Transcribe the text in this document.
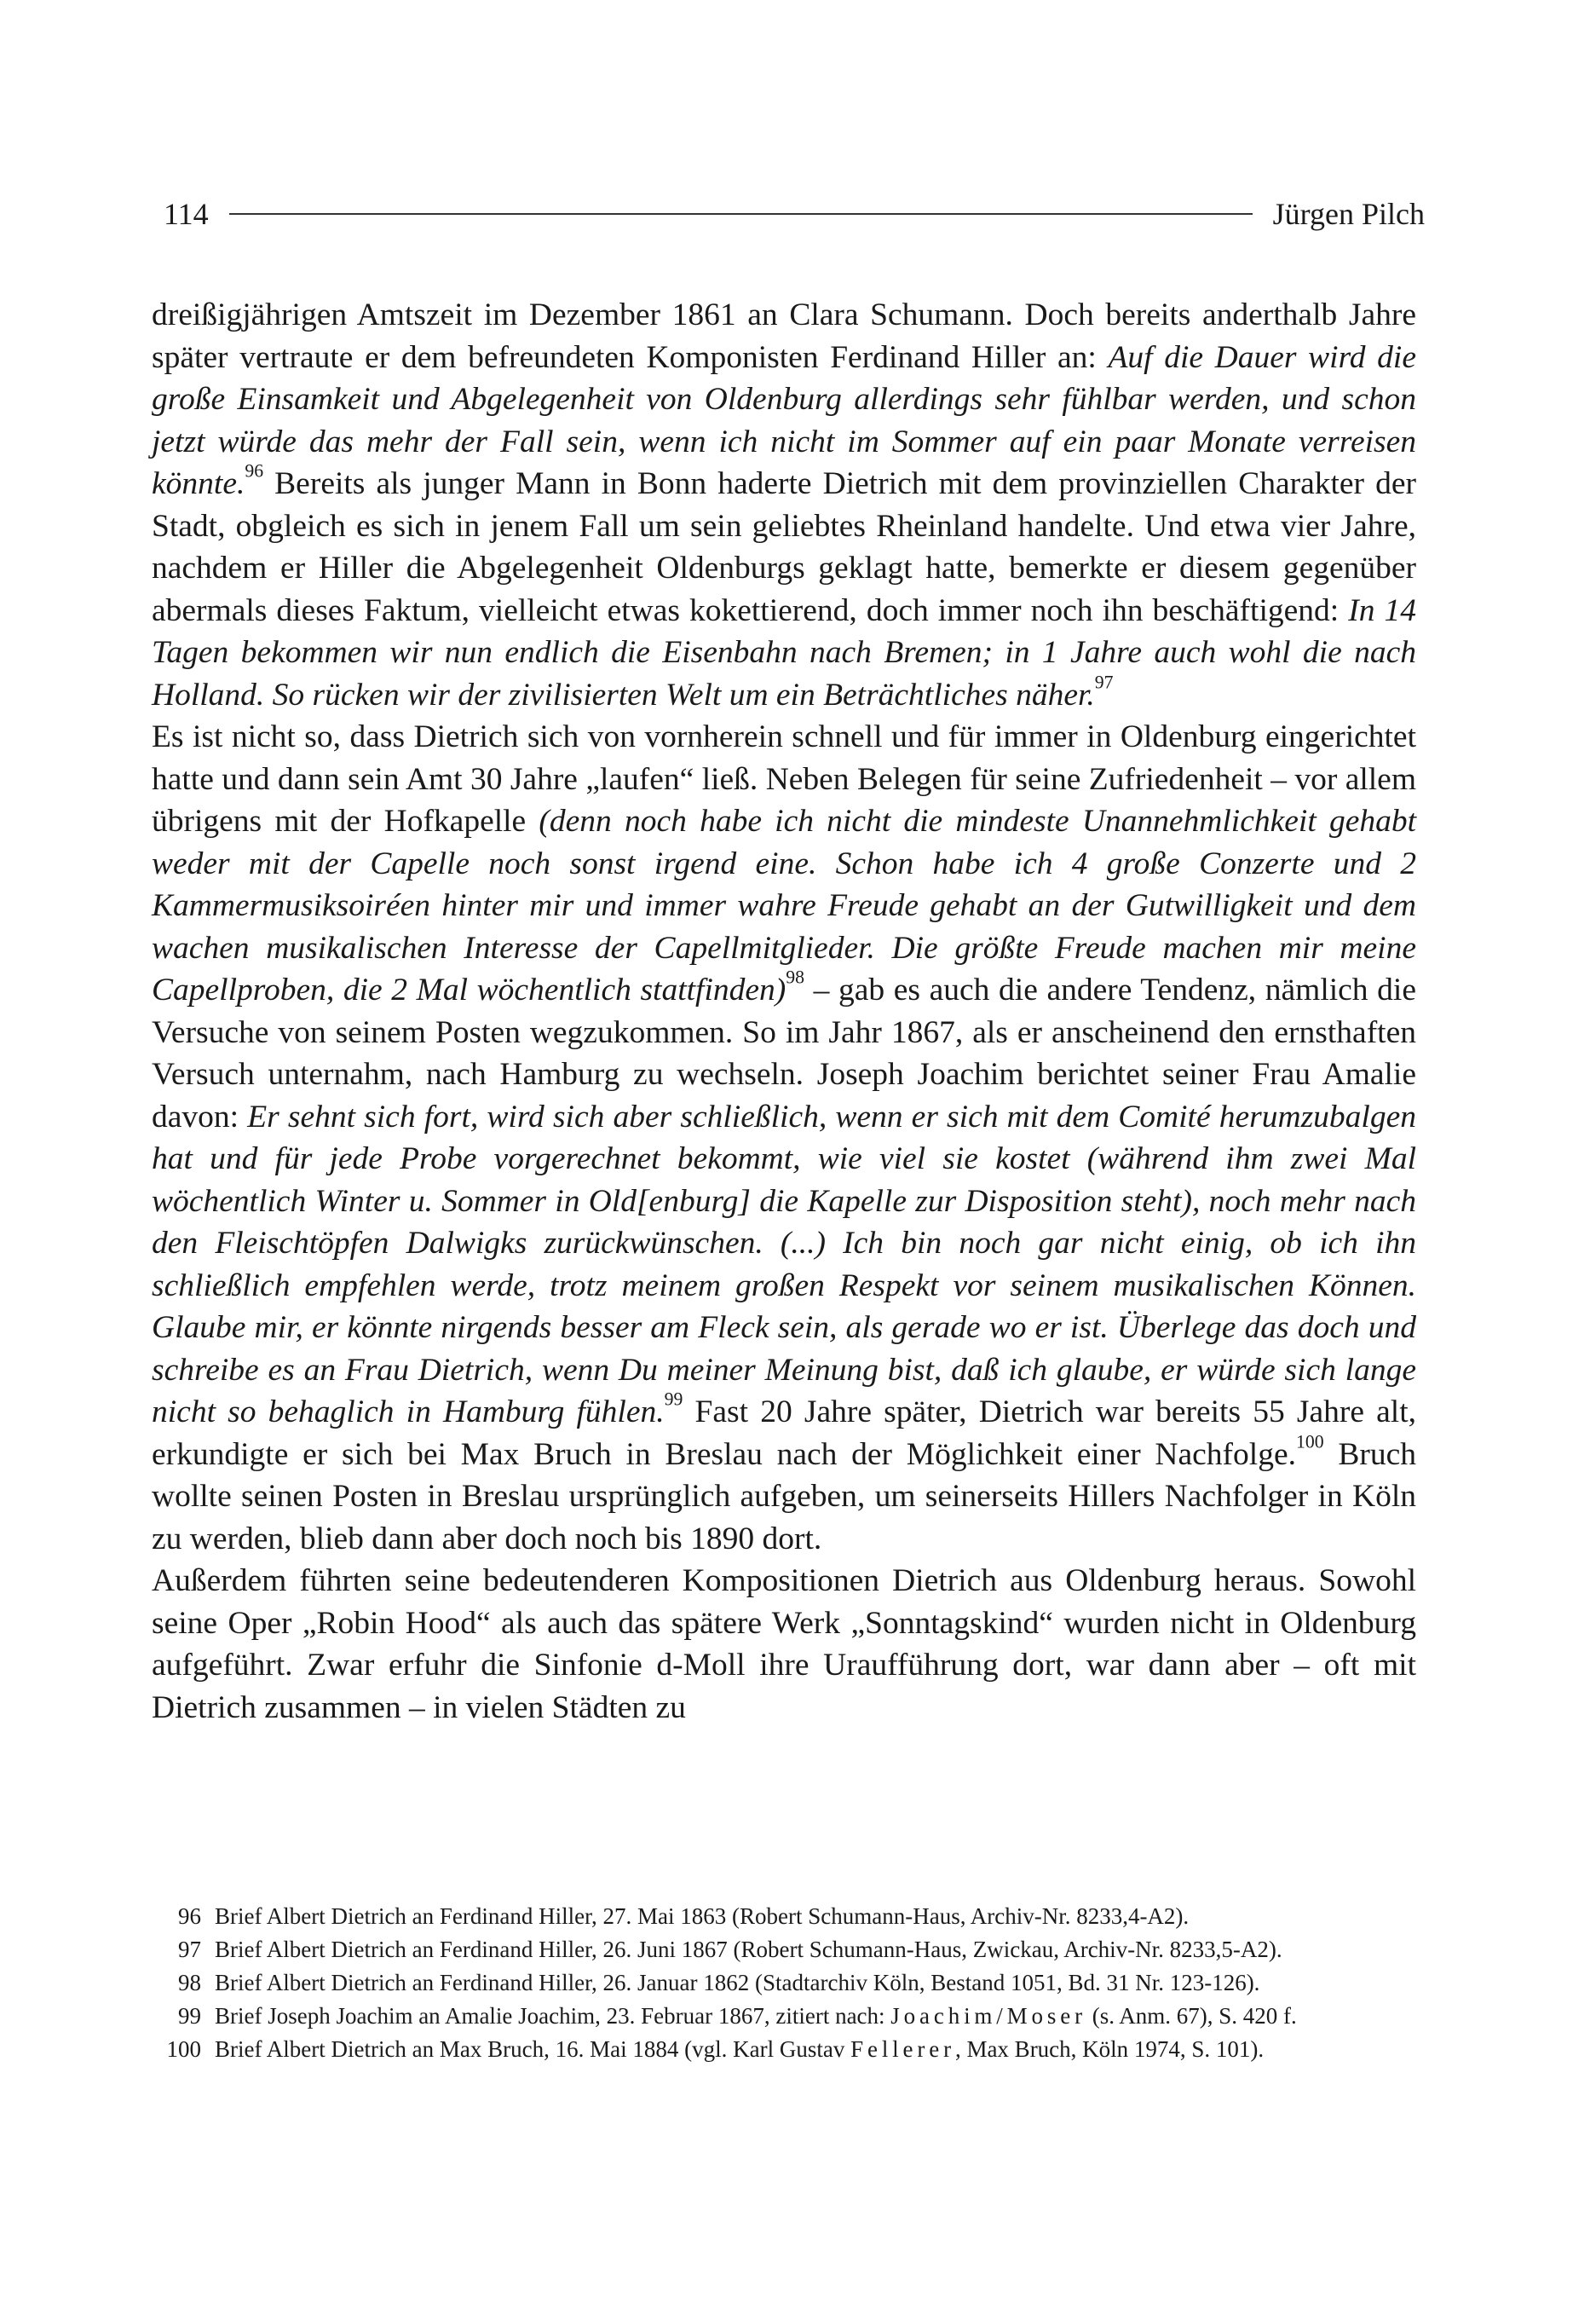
114	Jürgen Pilch

dreißigjährigen Amtszeit im Dezember 1861 an Clara Schumann. Doch bereits anderthalb Jahre später vertraute er dem befreundeten Komponisten Ferdinand Hiller an: Auf die Dauer wird die große Einsamkeit und Abgelegenheit von Oldenburg allerdings sehr fühlbar werden, und schon jetzt würde das mehr der Fall sein, wenn ich nicht im Sommer auf ein paar Monate verreisen könnte.$^{96}$ Bereits als junger Mann in Bonn haderte Dietrich mit dem provinziellen Charakter der Stadt, obgleich es sich in jenem Fall um sein geliebtes Rheinland handelte. Und etwa vier Jahre, nachdem er Hiller die Abgelegenheit Oldenburgs geklagt hatte, bemerkte er diesem gegenüber abermals dieses Faktum, vielleicht etwas kokettierend, doch immer noch ihn beschäftigend: In 14 Tagen bekommen wir nun endlich die Eisenbahn nach Bremen; in 1 Jahre auch wohl die nach Holland. So rücken wir der zivilisierten Welt um ein Beträchtliches näher.$^{97}$

Es ist nicht so, dass Dietrich sich von vornherein schnell und für immer in Oldenburg eingerichtet hatte und dann sein Amt 30 Jahre „laufen“ ließ. Neben Belegen für seine Zufriedenheit – vor allem übrigens mit der Hofkapelle (denn noch habe ich nicht die mindeste Unannehmlichkeit gehabt weder mit der Capelle noch sonst irgend eine. Schon habe ich 4 große Conzerte und 2 Kammermusiksoiréen hinter mir und immer wahre Freude gehabt an der Gutwilligkeit und dem wachen musikalischen Interesse der Capellmitglieder. Die größte Freude machen mir meine Capellproben, die 2 Mal wöchentlich stattfinden)$^{98}$ – gab es auch die andere Tendenz, nämlich die Versuche von seinem Posten wegzukommen. So im Jahr 1867, als er anscheinend den ernsthaften Versuch unternahm, nach Hamburg zu wechseln. Joseph Joachim berichtet seiner Frau Amalie davon: Er sehnt sich fort, wird sich aber schließlich, wenn er sich mit dem Comité herumzubalgen hat und für jede Probe vorgerechnet bekommt, wie viel sie kostet (während ihm zwei Mal wöchentlich Winter u. Sommer in Old[enburg] die Kapelle zur Disposition steht), noch mehr nach den Fleischtöpfen Dalwigks zurückwünschen. (...) Ich bin noch gar nicht einig, ob ich ihn schließlich empfehlen werde, trotz meinem großen Respekt vor seinem musikalischen Können. Glaube mir, er könnte nirgends besser am Fleck sein, als gerade wo er ist. Überlege das doch und schreibe es an Frau Dietrich, wenn Du meiner Meinung bist, daß ich glaube, er würde sich lange nicht so behaglich in Hamburg fühlen.$^{99}$ Fast 20 Jahre später, Dietrich war bereits 55 Jahre alt, erkundigte er sich bei Max Bruch in Breslau nach der Möglichkeit einer Nachfolge.$^{100}$ Bruch wollte seinen Posten in Breslau ursprünglich aufgeben, um seinerseits Hillers Nachfolger in Köln zu werden, blieb dann aber doch noch bis 1890 dort.

Außerdem führten seine bedeutenderen Kompositionen Dietrich aus Oldenburg heraus. Sowohl seine Oper „Robin Hood“ als auch das spätere Werk „Sonntagskind“ wurden nicht in Oldenburg aufgeführt. Zwar erfuhr die Sinfonie d-Moll ihre Uraufführung dort, war dann aber – oft mit Dietrich zusammen – in vielen Städten zu

96 Brief Albert Dietrich an Ferdinand Hiller, 27. Mai 1863 (Robert Schumann-Haus, Archiv-Nr. 8233,4-A2).
97 Brief Albert Dietrich an Ferdinand Hiller, 26. Juni 1867 (Robert Schumann-Haus, Zwickau, Archiv-Nr. 8233,5-A2).
98 Brief Albert Dietrich an Ferdinand Hiller, 26. Januar 1862 (Stadtarchiv Köln, Bestand 1051, Bd. 31 Nr. 123-126).
99 Brief Joseph Joachim an Amalie Joachim, 23. Februar 1867, zitiert nach: Joachim/Moser (s. Anm. 67), S. 420 f.
100 Brief Albert Dietrich an Max Bruch, 16. Mai 1884 (vgl. Karl Gustav Fellerer, Max Bruch, Köln 1974, S. 101).
